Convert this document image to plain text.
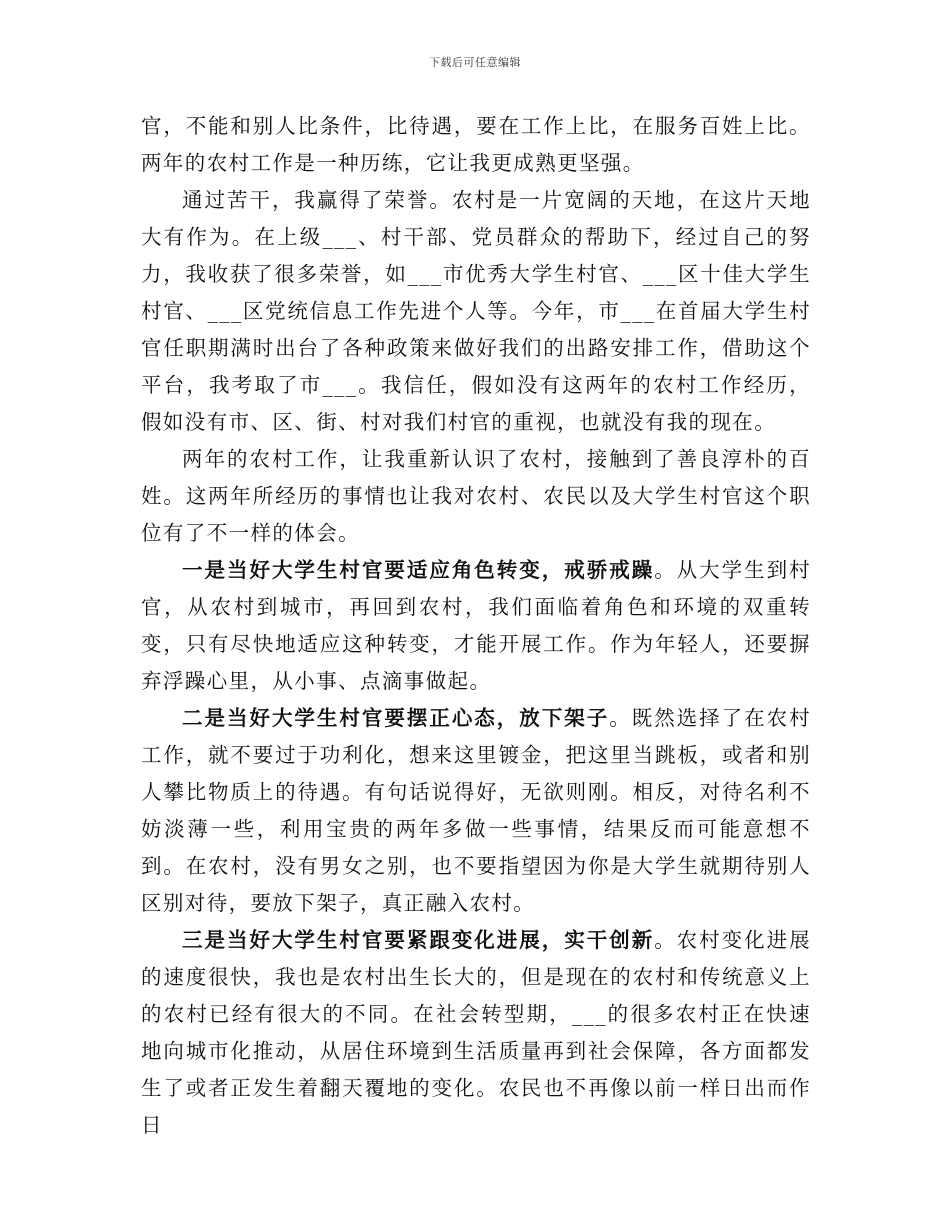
下载后可任意编辑

官，不能和别人比条件，比待遇，要在工作上比，在服务百姓上比。两年的农村工作是一种历练，它让我更成熟更坚强。

通过苦干，我赢得了荣誉。农村是一片宽阔的天地，在这片天地大有作为。在上级___、村干部、党员群众的帮助下，经过自己的努力，我收获了很多荣誉，如___市优秀大学生村官、___区十佳大学生村官、___区党统信息工作先进个人等。今年，市___在首届大学生村官任职期满时出台了各种政策来做好我们的出路安排工作，借助这个平台，我考取了市___。我信任，假如没有这两年的农村工作经历，假如没有市、区、街、村对我们村官的重视，也就没有我的现在。

两年的农村工作，让我重新认识了农村，接触到了善良淳朴的百姓。这两年所经历的事情也让我对农村、农民以及大学生村官这个职位有了不一样的体会。

一是当好大学生村官要适应角色转变，戒骄戒躁。从大学生到村官，从农村到城市，再回到农村，我们面临着角色和环境的双重转变，只有尽快地适应这种转变，才能开展工作。作为年轻人，还要摒弃浮躁心里，从小事、点滴事做起。

二是当好大学生村官要摆正心态，放下架子。既然选择了在农村工作，就不要过于功利化，想来这里镀金，把这里当跳板，或者和别人攀比物质上的待遇。有句话说得好，无欲则刚。相反，对待名利不妨淡薄一些，利用宝贵的两年多做一些事情，结果反而可能意想不到。在农村，没有男女之别，也不要指望因为你是大学生就期待别人区别对待，要放下架子，真正融入农村。

三是当好大学生村官要紧跟变化进展，实干创新。农村变化进展的速度很快，我也是农村出生长大的，但是现在的农村和传统意义上的农村已经有很大的不同。在社会转型期，___的很多农村正在快速地向城市化推动，从居住环境到生活质量再到社会保障，各方面都发生了或者正发生着翻天覆地的变化。农民也不再像以前一样日出而作日
